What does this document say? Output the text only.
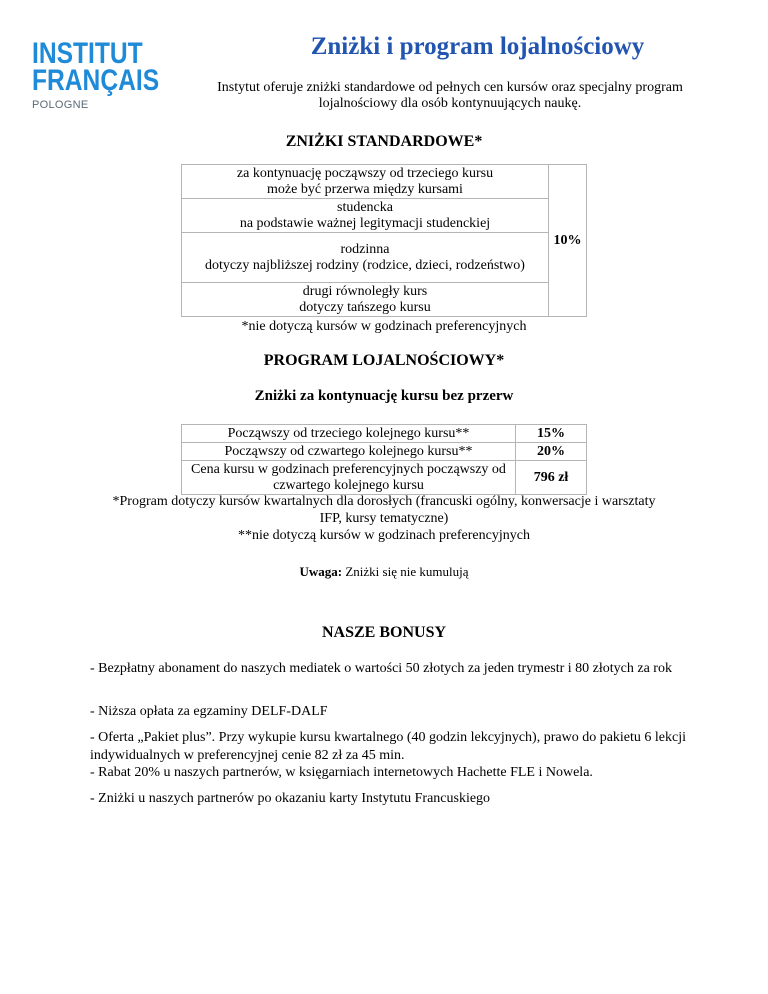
INSTITUT
FRANÇAIS
POLOGNE
Zniżki i program lojalnościowy
Instytut oferuje zniżki standardowe od pełnych cen kursów oraz specjalny program lojalnościowy dla osób kontynuujących naukę.
ZNIŻKI STANDARDOWE*
za kontynuację począwszy od trzeciego kursu
może być przerwa między kursami
	10%

studencka
na podstawie ważnej legitymacji studenckiej

rodzinna
dotyczy najbliższej rodziny (rodzice, dzieci, rodzeństwo)

drugi równoległy kurs
dotyczy tańszego kursu
*nie dotyczą kursów w godzinach preferencyjnych
PROGRAM LOJALNOŚCIOWY*
Zniżki za kontynuację kursu bez przerw
Począwszy od trzeciego kolejnego kursu**	15%
Począwszy od czwartego kolejnego kursu**	20%
Cena kursu w godzinach preferencyjnych począwszy od czwartego kolejnego kursu	796 zł
*Program dotyczy kursów kwartalnych dla dorosłych (francuski ogólny, konwersacje i warsztaty IFP, kursy tematyczne)
**nie dotyczą kursów w godzinach preferencyjnych
Uwaga: Zniżki się nie kumulują
NASZE BONUSY
- Bezpłatny abonament do naszych mediatek o wartości 50 złotych za jeden trymestr i 80 złotych za rok
- Niższa opłata za egzaminy DELF-DALF
- Oferta „Pakiet plus”. Przy wykupie kursu kwartalnego (40 godzin lekcyjnych), prawo do pakietu 6 lekcji indywidualnych w preferencyjnej cenie 82 zł za 45 min.
- Rabat 20% u naszych partnerów, w księgarniach internetowych Hachette FLE i Nowela.
- Zniżki u naszych partnerów po okazaniu karty Instytutu Francuskiego
